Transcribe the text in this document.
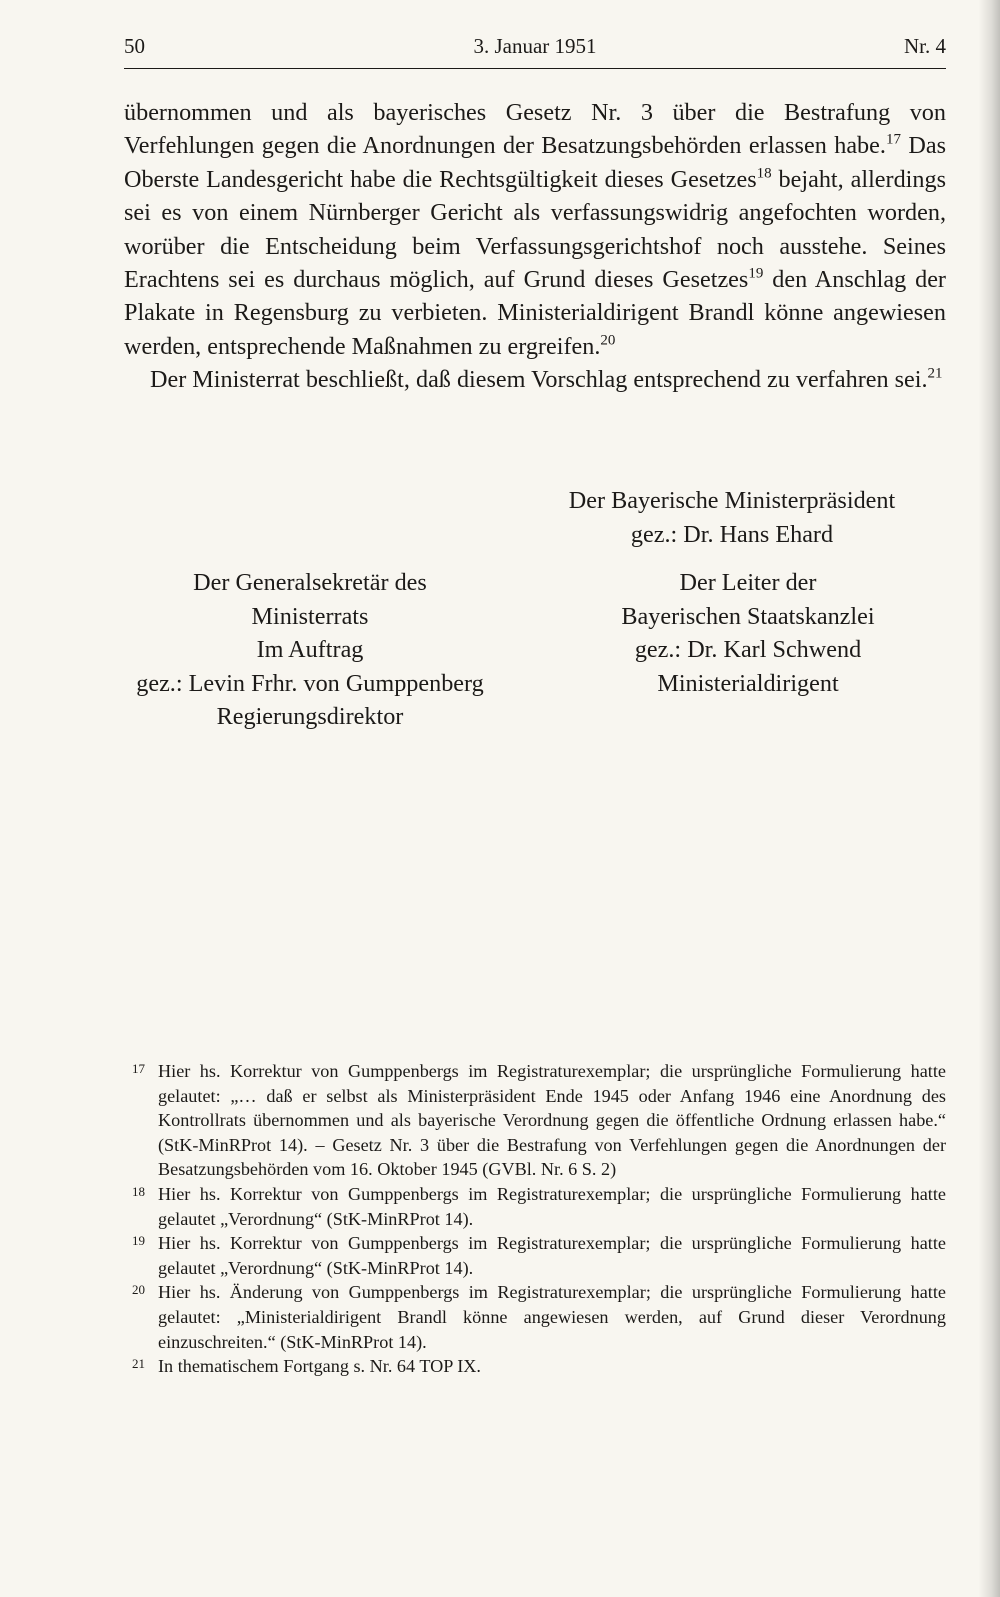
50	3. Januar 1951	Nr. 4

übernommen und als bayerisches Gesetz Nr. 3 über die Bestrafung von Verfehlungen gegen die Anordnungen der Besatzungsbehörden erlassen habe.$^{17}$ Das Oberste Landesgericht habe die Rechtsgültigkeit dieses Gesetzes$^{18}$ bejaht, allerdings sei es von einem Nürnberger Gericht als verfassungswidrig angefochten worden, worüber die Entscheidung beim Verfassungsgerichtshof noch ausstehe. Seines Erachtens sei es durchaus möglich, auf Grund dieses Gesetzes$^{19}$ den Anschlag der Plakate in Regensburg zu verbieten. Ministerialdirigent Brandl könne angewiesen werden, entsprechende Maßnahmen zu ergreifen.$^{20}$

Der Ministerrat beschließt, daß diesem Vorschlag entsprechend zu verfahren sei.$^{21}$

Der Bayerische Ministerpräsident
gez.: Dr. Hans Ehard
Der Generalsekretär des
Ministerrats
Im Auftrag
gez.: Levin Frhr. von Gumppenberg
Regierungsdirektor
Der Leiter der
Bayerischen Staatskanzlei
gez.: Dr. Karl Schwend
Ministerialdirigent
17 Hier hs. Korrektur von Gumppenbergs im Registraturexemplar; die ursprüngliche Formulierung hatte gelautet: „… daß er selbst als Ministerpräsident Ende 1945 oder Anfang 1946 eine Anordnung des Kontrollrats übernommen und als bayerische Verordnung gegen die öffentliche Ordnung erlassen habe.“ (StK-MinRProt 14). – Gesetz Nr. 3 über die Bestrafung von Verfehlungen gegen die Anordnungen der Besatzungsbehörden vom 16. Oktober 1945 (GVBl. Nr. 6 S. 2)
18 Hier hs. Korrektur von Gumppenbergs im Registraturexemplar; die ursprüngliche Formulierung hatte gelautet „Verordnung“ (StK-MinRProt 14).
19 Hier hs. Korrektur von Gumppenbergs im Registraturexemplar; die ursprüngliche Formulierung hatte gelautet „Verordnung“ (StK-MinRProt 14).
20 Hier hs. Änderung von Gumppenbergs im Registraturexemplar; die ursprüngliche Formulierung hatte gelautet: „Ministerialdirigent Brandl könne angewiesen werden, auf Grund dieser Verordnung einzuschreiten.“ (StK-MinRProt 14).
21 In thematischem Fortgang s. Nr. 64 TOP IX.
